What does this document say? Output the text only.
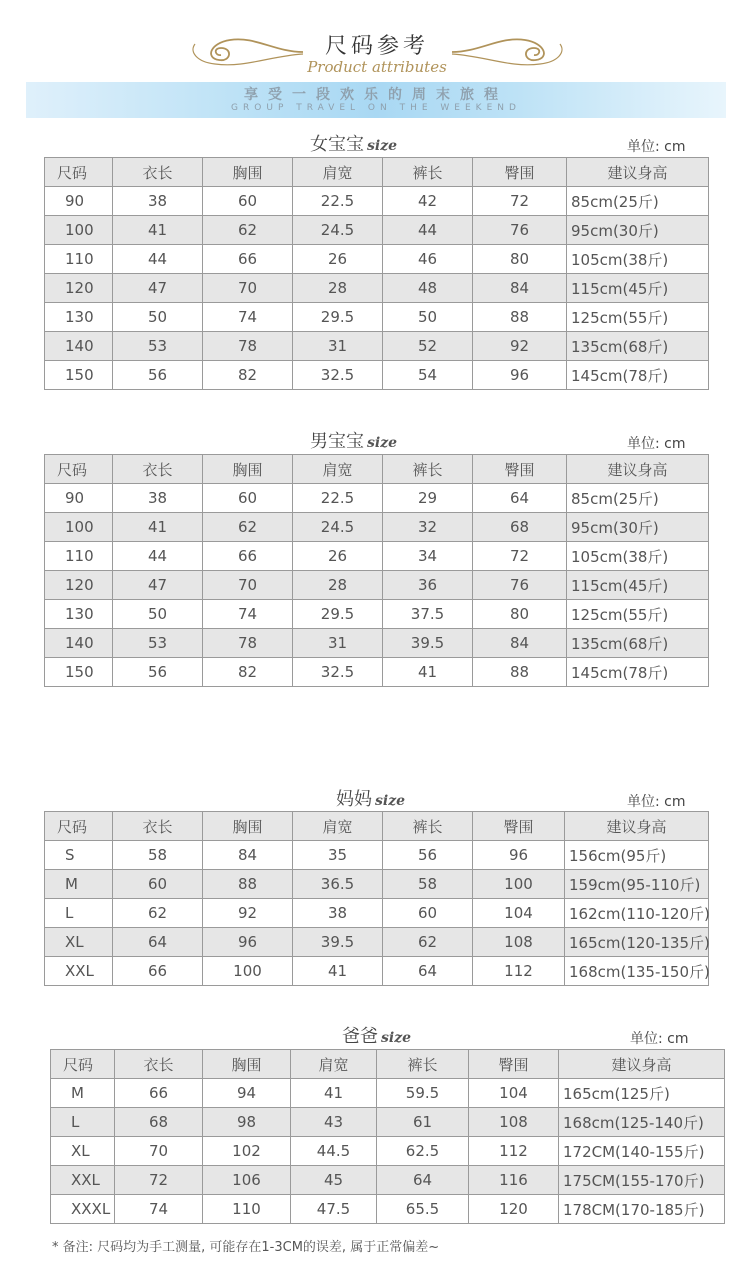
尺码参考
Product attributes
享受一段欢乐的周末旅程
GROUP TRAVEL ON THE WEEKEND
女宝宝 size	单位: cm
尺码	衣长	胸围	肩宽	裤长	臀围	建议身高
90	38	60	22.5	42	72	85cm(25斤)
100	41	62	24.5	44	76	95cm(30斤)
110	44	66	26	46	80	105cm(38斤)
120	47	70	28	48	84	115cm(45斤)
130	50	74	29.5	50	88	125cm(55斤)
140	53	78	31	52	92	135cm(68斤)
150	56	82	32.5	54	96	145cm(78斤)
男宝宝 size	单位: cm
尺码	衣长	胸围	肩宽	裤长	臀围	建议身高
90	38	60	22.5	29	64	85cm(25斤)
100	41	62	24.5	32	68	95cm(30斤)
110	44	66	26	34	72	105cm(38斤)
120	47	70	28	36	76	115cm(45斤)
130	50	74	29.5	37.5	80	125cm(55斤)
140	53	78	31	39.5	84	135cm(68斤)
150	56	82	32.5	41	88	145cm(78斤)
妈妈 size	单位: cm
尺码	衣长	胸围	肩宽	裤长	臀围	建议身高
S	58	84	35	56	96	156cm(95斤)
M	60	88	36.5	58	100	159cm(95-110斤)
L	62	92	38	60	104	162cm(110-120斤)
XL	64	96	39.5	62	108	165cm(120-135斤)
XXL	66	100	41	64	112	168cm(135-150斤)
爸爸 size	单位: cm
尺码	衣长	胸围	肩宽	裤长	臀围	建议身高
M	66	94	41	59.5	104	165cm(125斤)
L	68	98	43	61	108	168cm(125-140斤)
XL	70	102	44.5	62.5	112	172CM(140-155斤)
XXL	72	106	45	64	116	175CM(155-170斤)
XXXL	74	110	47.5	65.5	120	178CM(170-185斤)
* 备注: 尺码均为手工测量, 可能存在1-3CM的误差, 属于正常偏差~
